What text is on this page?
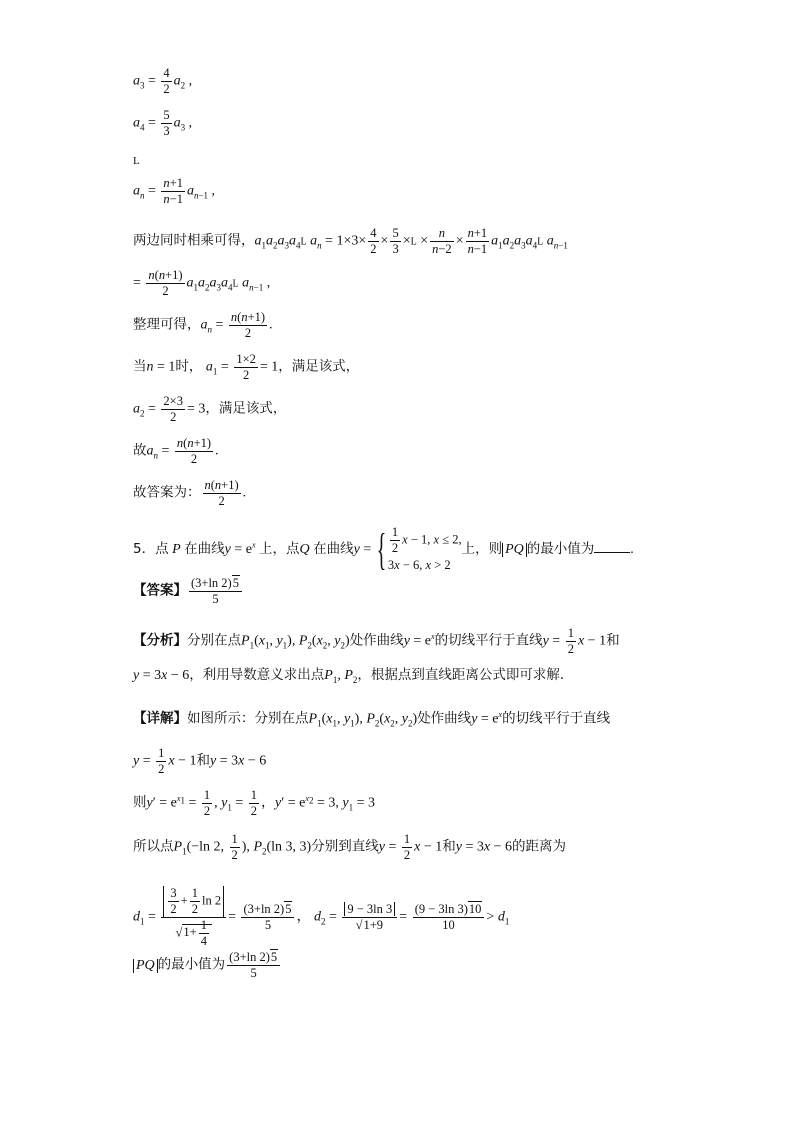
$a_3 = \frac{4}{2} a_2$ ,
$a_4 = \frac{5}{3} a_3$ ,
L
$a_n = \frac{n+1}{n-1} a_{n-1}$ ,
两边同时相乘可得，$a_1a_2a_3a_4L$ $a_n = 1\times 3\times \frac{4}{2} \times \frac{5}{3} \times L \times \frac{n}{n-2} \times \frac{n+1}{n-1} a_1a_2a_3a_4L$ $a_{n-1}$
= $\frac{n(n+1)}{2} a_1a_2a_3a_4L$ $a_{n-1}$ ,
整理可得，$a_n = \frac{n(n+1)}{2}$ .
当n = 1时， $a_1 = \frac{1\times 2}{2} = 1$，满足该式，
$a_2 = \frac{2\times 3}{2} = 3$，满足该式，
故$a_n = \frac{n(n+1)}{2}$ .
故答案为： $\frac{n(n+1)}{2}$ .
5．点 P 在曲线$y = e^x$ 上，点Q 在曲线y = { $\frac{1}{2}$ x − 1, x ≤ 2,
3x − 6, x > 2
上，则 PQ 的最小值为	.
【答案】 $\frac{(3+\ln 2)5}{5}$
【分析】分别在点$P_1(x_1$, $y_1$), $P_2(x_2$, $y_2$)处作曲线$y = e^x$的切线平行于直线$y = \frac{1}{2}$ x − 1和
y = 3x − 6，利用导数意义求出点$P_1$, $P_2$，根据点到直线距离公式即可求解．
【详解】如图所示：分别在点$P_1(x_1$, $y_1$), $P_2(x_2$, $y_2$)处作曲线$y = e^x$的切线平行于直线
$y = \frac{1}{2}$ x − 1和y = 3x − 6
则$y' = e^{x_1} = \frac{1}{2}$ , $y_1 = \frac{1}{2}$ ，$y' = e^{x_2} = 3$, $y_1 = 3$
所以点$P_1(-\ln$ 2, $\frac{1}{2}$ ), $P_2(\ln$ 3, 3)分别到直线$y = \frac{1}{2}$ x − 1和y = 3x − 6的距离为
$d_1 = \frac{\frac{3}{2} + \frac{1}{2} \ln 2}{√1+ \frac{1}{4}} = \frac{(3+\ln 2)5}{5}$ ， $d_2 = \frac{9 - 3\ln 3}{√1+9} = \frac{(9 - 3\ln 3)10}{10} > d_1$
PQ 的最小值为 $\frac{(3+\ln 2)5}{5}$
